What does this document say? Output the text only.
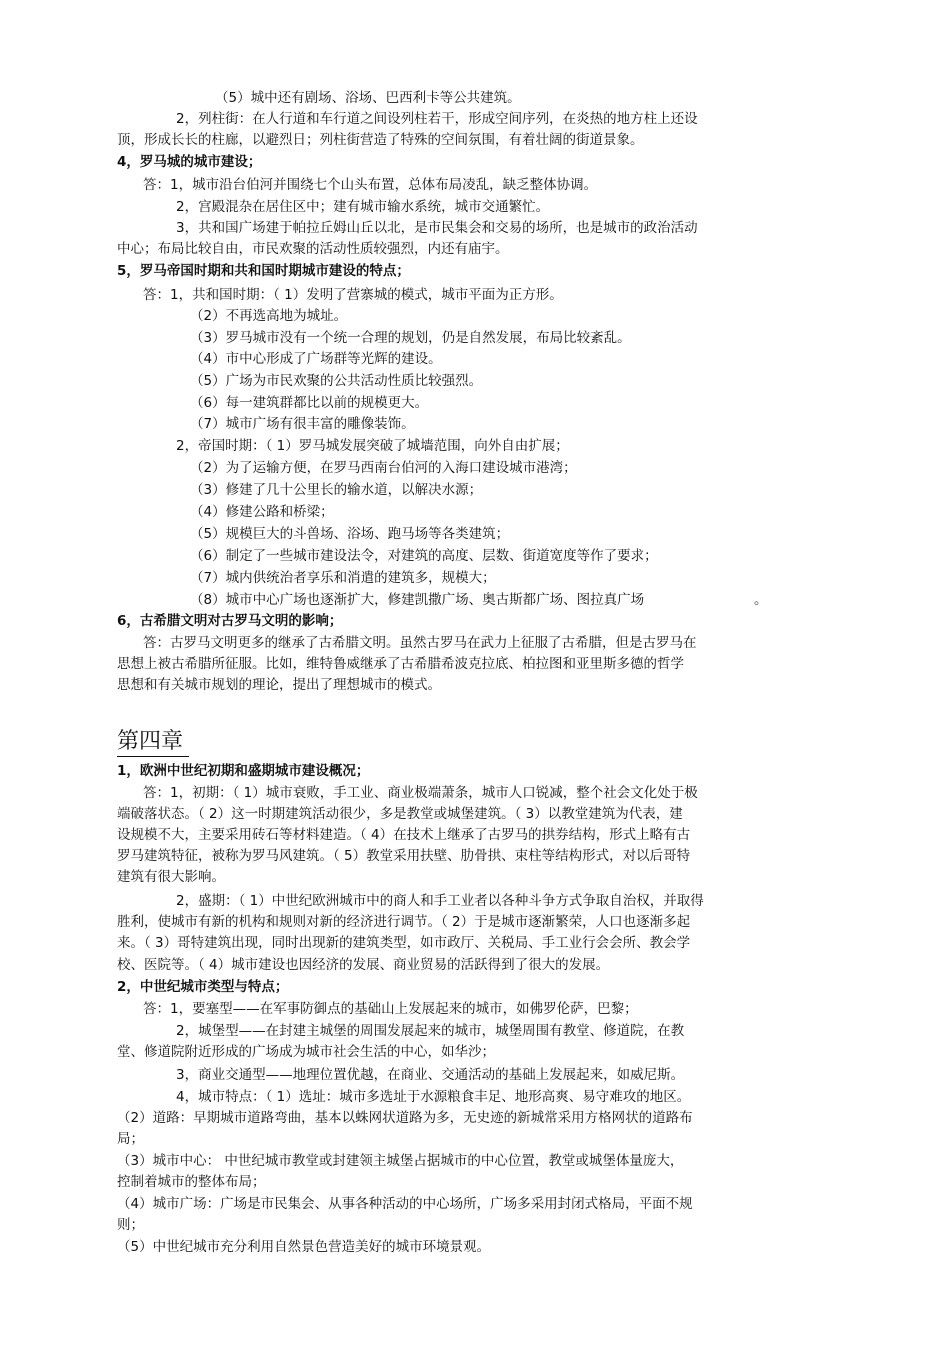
（5）城中还有剧场、浴场、巴西利卡等公共建筑。
2，列柱街：在人行道和车行道之间设列柱若干，形成空间序列，在炎热的地方柱上还设
顶，形成长长的柱廊，以避烈日；列柱街营造了特殊的空间氛围，有着壮阔的街道景象。
4，罗马城的城市建设；
答：1，城市沿台伯河并围绕七个山头布置，总体布局凌乱，缺乏整体协调。
2，宫殿混杂在居住区中；建有城市输水系统，城市交通繁忙。
3，共和国广场建于帕拉丘姆山丘以北，是市民集会和交易的场所，也是城市的政治活动
中心；布局比较自由，市民欢聚的活动性质较强烈，内还有庙宇。
5，罗马帝国时期和共和国时期城市建设的特点；
答：1，共和国时期：（ 1）发明了营寨城的模式，城市平面为正方形。
（2）不再选高地为城址。
（3）罗马城市没有一个统一合理的规划，仍是自然发展，布局比较紊乱。
（4）市中心形成了广场群等光辉的建设。
（5）广场为市民欢聚的公共活动性质比较强烈。
（6）每一建筑群都比以前的规模更大。
（7）城市广场有很丰富的雕像装饰。
2，帝国时期：（ 1）罗马城发展突破了城墙范围，向外自由扩展；
（2）为了运输方便，在罗马西南台伯河的入海口建设城市港湾；
（3）修建了几十公里长的输水道，以解决水源；
（4）修建公路和桥梁；
（5）规模巨大的斗兽场、浴场、跑马场等各类建筑；
（6）制定了一些城市建设法令，对建筑的高度、层数、街道宽度等作了要求；
（7）城内供统治者享乐和消遣的建筑多，规模大；
（8）城市中心广场也逐渐扩大，修建凯撒广场、奥古斯都广场、图拉真广场	。
6，古希腊文明对古罗马文明的影响；
答：古罗马文明更多的继承了古希腊文明。虽然古罗马在武力上征服了古希腊，但是古罗马在
思想上被古希腊所征服。比如，维特鲁威继承了古希腊希波克拉底、柏拉图和亚里斯多德的哲学
思想和有关城市规划的理论，提出了理想城市的模式。
第四章
1，欧洲中世纪初期和盛期城市建设概况；
答：1，初期：（ 1）城市衰败，手工业、商业极端萧条，城市人口锐减，整个社会文化处于极
端破落状态。（ 2）这一时期建筑活动很少，多是教堂或城堡建筑。（ 3）以教堂建筑为代表，建
设规模不大，主要采用砖石等材料建造。（ 4）在技术上继承了古罗马的拱券结构，形式上略有古
罗马建筑特征，被称为罗马风建筑。（ 5）教堂采用扶壁、肋骨拱、束柱等结构形式，对以后哥特
建筑有很大影响。
2，盛期：（ 1）中世纪欧洲城市中的商人和手工业者以各种斗争方式争取自治权，并取得
胜利，使城市有新的机构和规则对新的经济进行调节。（ 2）于是城市逐渐繁荣，人口也逐渐多起
来。（ 3）哥特建筑出现，同时出现新的建筑类型，如市政厅、关税局、手工业行会会所、教会学
校、医院等。（ 4）城市建设也因经济的发展、商业贸易的活跃得到了很大的发展。
2，中世纪城市类型与特点；
答：1，要塞型——在军事防御点的基础山上发展起来的城市，如佛罗伦萨，巴黎；
2，城堡型——在封建主城堡的周围发展起来的城市，城堡周围有教堂、修道院，在教
堂、修道院附近形成的广场成为城市社会生活的中心，如华沙；
3，商业交通型——地理位置优越，在商业、交通活动的基础上发展起来，如威尼斯。
4，城市特点：（ 1）选址：城市多选址于水源粮食丰足、地形高爽、易守难攻的地区。
（2）道路：早期城市道路弯曲，基本以蛛网状道路为多，无史迹的新城常采用方格网状的道路布
局；
（3）城市中心： 中世纪城市教堂或封建领主城堡占据城市的中心位置，教堂或城堡体量庞大，
控制着城市的整体布局；
（4）城市广场：广场是市民集会、从事各种活动的中心场所，广场多采用封闭式格局，平面不规
则；
（5）中世纪城市充分利用自然景色营造美好的城市环境景观。
